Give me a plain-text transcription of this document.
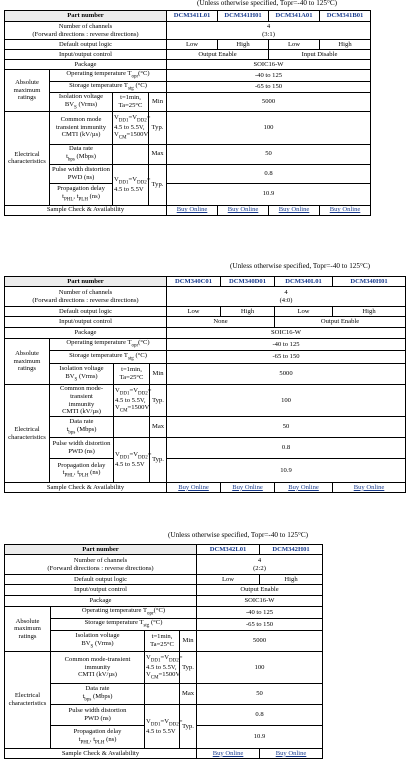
(Unless otherwise specified, Topr=-40 to 125°C)
Part number				DCM341L01	DCM341H01	DCM341A01	DCM341B01
Number of channels
(Forward directions : reverse directions)				4
(3:1)			
Default output logic				Low	High	Low	High
Input/output control				Output Enable		Input Disable	
Package				SOIC16-W			
Absolute maximum ratings	Operating temperature $T_{opr}(^\circ C)$			-40 to 125			
	Storage temperature $T_{stg}$ (°C)			-65 to 150			
	Isolation voltage
$BV_S$ (Vrms)	t=1min,
Ta=25°C	Min	5000			
Electrical characteristics	Common mode
transient immunity
CMTI (kV/µs)	$V_{DD1}=V_{DD2}=$
4.5 to 5.5V,
$V_{CM}=1500V$	Typ.	100			
	Data rate
$t_{bps}$ (Mbps)		Max	50			
	Pulse width distortion
PWD (ns)	$V_{DD1}=V_{DD2}=$
4.5 to 5.5V	Typ.	0.8			
	Propagation delay
$t_{PHL}$, $t_{PLH}$ (ns)			10.9			
Sample Check & Availability				Buy Online	Buy Online	Buy Online	Buy Online
(Unless otherwise specified, Topr=-40 to 125°C)
Part number				DCM340C01	DCM340D01	DCM340L01	DCM340H01
Number of channels
(Forward directions : reverse directions)				4
(4:0)			
Default output logic				Low	High	Low	High
Input/output control				None		Output Enable	
Package				SOIC16-W			
Absolute maximum ratings	Operating temperature $T_{opr}(^\circ C)$			-40 to 125			
	Storage temperature $T_{stg}$ (°C)			-65 to 150			
	Isolation voltage
$BV_S$ (Vrms)	t=1min,
Ta=25°C	Min	5000			
Electrical characteristics	Common mode-transient
immunity
CMTI (kV/µs)	$V_{DD1}=V_{DD2}=$
4.5 to 5.5V,
$V_{CM}=1500V$	Typ.	100			
	Data rate
$t_{bps}$ (Mbps)		Max	50			
	Pulse width distortion
PWD (ns)	$V_{DD1}=V_{DD2}=$
4.5 to 5.5V	Typ.	0.8			
	Propagation delay
$t_{PHL}$, $t_{PLH}$ (ns)			10.9			
Sample Check & Availability				Buy Online	Buy Online	Buy Online	Buy Online
(Unless otherwise specified, Topr=-40 to 125°C)
Part number				DCM342L01	DCM342H01
Number of channels
(Forward directions : reverse directions)				4
(2:2)	
Default output logic				Low	High
Input/output control				Output Enable	
Package				SOIC16-W	
Absolute maximum ratings	Operating temperature $T_{opr}(^\circ C)$			-40 to 125	
	Storage temperature $T_{stg}$ (°C)			-65 to 150	
	Isolation voltage
$BV_S$ (Vrms)	t=1min,
Ta=25°C	Min	5000	
Electrical characteristics	Common mode-transient immunity
CMTI (kV/µs)	$V_{DD1}=V_{DD2}=$
4.5 to 5.5V,
$V_{CM}=1500V$	Typ.	100	
	Data rate
$t_{bps}$ (Mbps)		Max	50	
	Pulse width distortion
PWD (ns)	$V_{DD1}=V_{DD2}=$
4.5 to 5.5V	Typ.	0.8	
	Propagation delay
$t_{PHL}$, $t_{PLH}$ (ns)			10.9	
Sample Check & Availability				Buy Online	Buy Online
